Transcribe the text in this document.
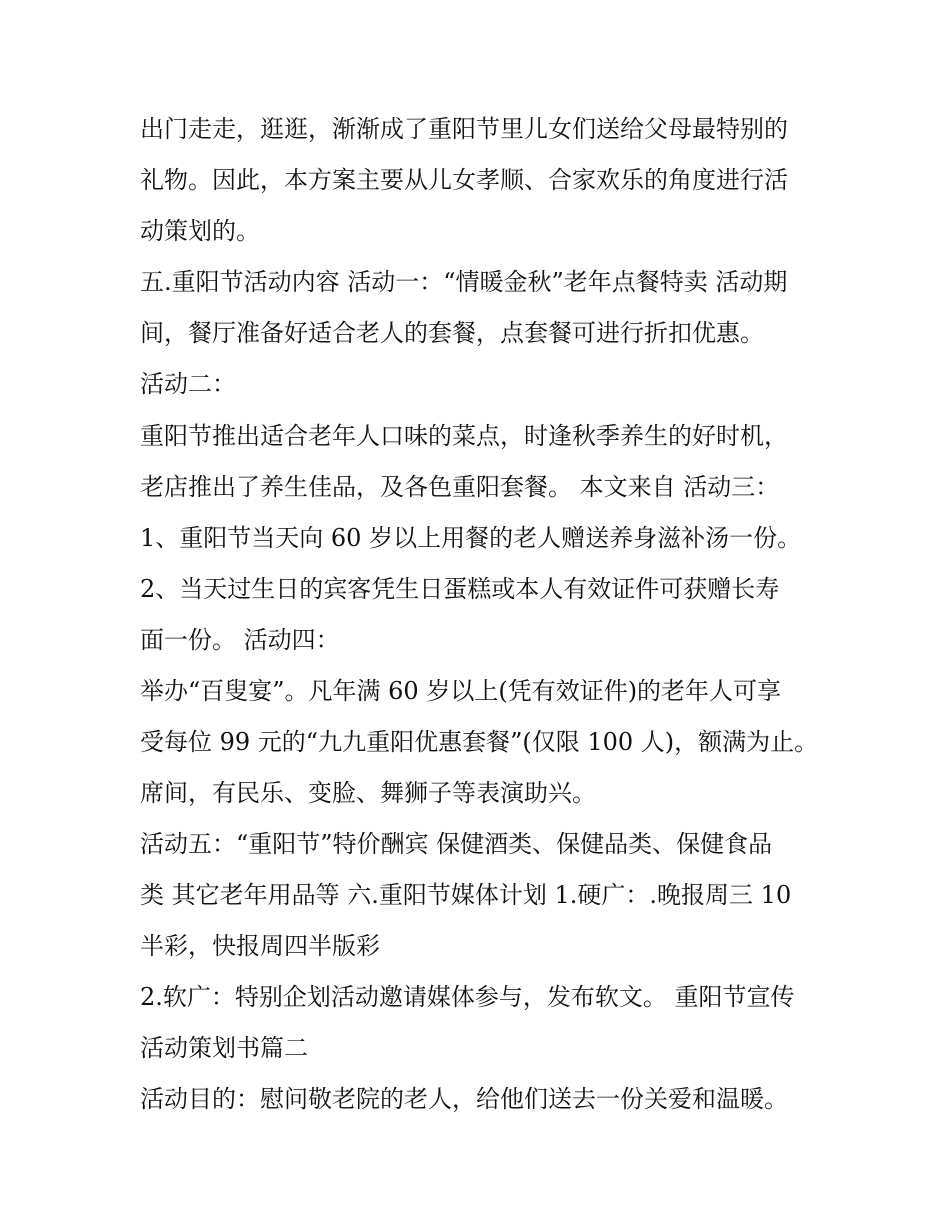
出门走走，逛逛，渐渐成了重阳节里儿女们送给父母最特别的
礼物。因此，本方案主要从儿女孝顺、合家欢乐的角度进行活
动策划的。
五.重阳节活动内容 活动一：“情暖金秋”老年点餐特卖 活动期
间，餐厅准备好适合老人的套餐，点套餐可进行折扣优惠。
活动二：
重阳节推出适合老年人口味的菜点，时逢秋季养生的好时机，
老店推出了养生佳品，及各色重阳套餐。 本文来自 活动三：
1、重阳节当天向 60 岁以上用餐的老人赠送养身滋补汤一份。
2、当天过生日的宾客凭生日蛋糕或本人有效证件可获赠长寿
面一份。 活动四：
举办“百叟宴”。凡年满 60 岁以上(凭有效证件)的老年人可享
受每位 99 元的“九九重阳优惠套餐”(仅限 100 人)，额满为止。
席间，有民乐、变脸、舞狮子等表演助兴。
活动五：“重阳节”特价酬宾 保健酒类、保健品类、保健食品
类 其它老年用品等 六.重阳节媒体计划 1.硬广：.晚报周三 10
半彩，快报周四半版彩
2.软广：特别企划活动邀请媒体参与，发布软文。 重阳节宣传
活动策划书篇二
活动目的：慰问敬老院的老人，给他们送去一份关爱和温暖。
